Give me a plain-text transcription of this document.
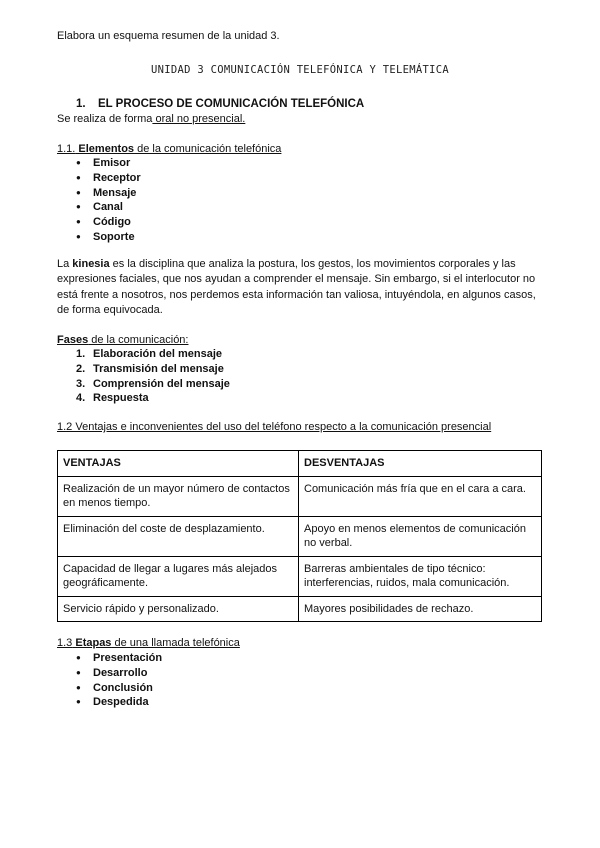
Elabora un esquema resumen de la unidad 3.
UNIDAD 3 COMUNICACIÓN TELEFÓNICA Y TELEMÁTICA
1. EL PROCESO DE COMUNICACIÓN TELEFÓNICA
Se realiza de forma oral no presencial.
1.1. Elementos de la comunicación telefónica
● Emisor
● Receptor
● Mensaje
● Canal
● Código
● Soporte
La kinesia es la disciplina que analiza la postura, los gestos, los movimientos corporales y las expresiones faciales, que nos ayudan a comprender el mensaje. Sin embargo, si el interlocutor no está frente a nosotros, nos perdemos esta información tan valiosa, intuyéndola, en algunos casos, de forma equivocada.
Fases de la comunicación:
1. Elaboración del mensaje
2. Transmisión del mensaje
3. Comprensión del mensaje
4. Respuesta
1.2 Ventajas e inconvenientes del uso del teléfono respecto a la comunicación presencial
VENTAJAS	DESVENTAJAS
Realización de un mayor número de contactos en menos tiempo.	Comunicación más fría que en el cara a cara.
Eliminación del coste de desplazamiento.	Apoyo en menos elementos de comunicación no verbal.
Capacidad de llegar a lugares más alejados geográficamente.	Barreras ambientales de tipo técnico: interferencias, ruidos, mala comunicación.
Servicio rápido y personalizado.	Mayores posibilidades de rechazo.
1.3 Etapas de una llamada telefónica
● Presentación
● Desarrollo
● Conclusión
● Despedida
